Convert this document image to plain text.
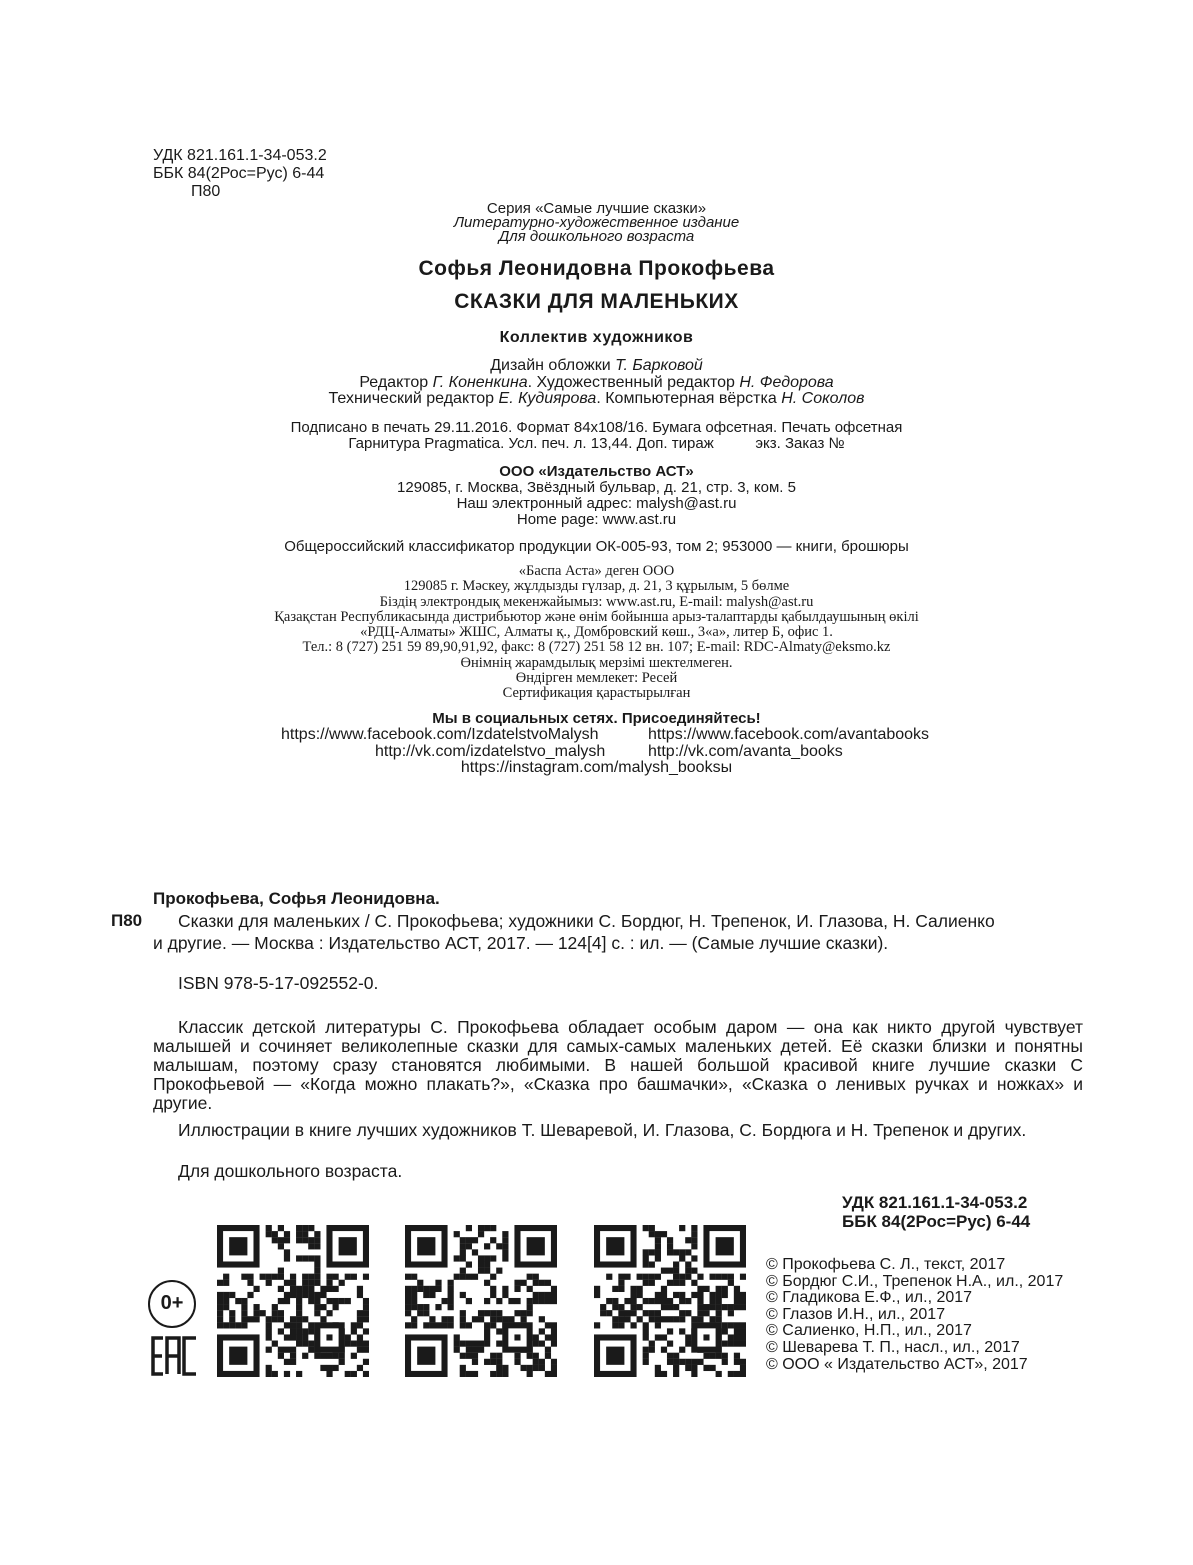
УДК 821.161.1-34-053.2
ББК 84(2Рос=Рус) 6-44
П80
Серия «Самые лучшие сказки»
Литературно-художественное издание
Для дошкольного возраста
Софья Леонидовна Прокофьева
СКАЗКИ ДЛЯ МАЛЕНЬКИХ
Коллектив художников
Дизайн обложки Т. Барковой
Редактор Г. Коненкина. Художественный редактор Н. Федорова
Технический редактор Е. Кудиярова. Компьютерная вёрстка Н. Соколов
Подписано в печать 29.11.2016. Формат 84x108/16. Бумага офсетная. Печать офсетная
Гарнитура Pragmatica. Усл. печ. л. 13,44. Доп. тираж          экз. Заказ №
ООО «Издательство АСТ»
129085, г. Москва, Звёздный бульвар, д. 21, стр. 3, ком. 5
Наш электронный адрес: malysh@ast.ru
Home page: www.ast.ru
Общероссийский классификатор продукции ОК-005-93, том 2; 953000 — книги, брошюры
«Баспа Аста» деген ООО
129085 г. Мәскеу, жұлдызды гүлзар, д. 21, 3 құрылым, 5 бөлме
Біздің электрондық мекенжайымыз: www.ast.ru, E-mail: malysh@ast.ru
Қазақстан Республикасында дистрибьютор және өнім бойынша арыз-талаптарды қабылдаушының өкілі
«РДЦ-Алматы» ЖШС, Алматы қ., Домбровский көш., 3«а», литер Б, офис 1.
Тел.: 8 (727) 251 59 89,90,91,92, факс: 8 (727) 251 58 12 вн. 107; E-mail: RDC-Almaty@eksmo.kz
Өнімнің жарамдылық мерзімі шектелмеген.
Өндірген мемлекет: Ресей
Сертификация қарастырылған
Мы в социальных сетях. Присоединяйтесь!
https://www.facebook.com/IzdatelstvoMalysh	https://www.facebook.com/avantabooks
http://vk.com/izdatelstvo_malysh	http://vk.com/avanta_books
https://instagram.com/malysh_booksы
Прокофьева, Софья Леонидовна.
П80 Сказки для маленьких / С. Прокофьева; художники С. Бордюг, Н. Трепенок, И. Глазова, Н. Салиенко
и другие. — Москва : Издательство АСТ, 2017. — 124[4] с. : ил. — (Самые лучшие сказки).
ISBN 978-5-17-092552-0.
Классик детской литературы С. Прокофьева обладает особым даром — она как никто другой чувствует малышей и сочиняет великолепные сказки для самых-самых маленьких детей. Её сказки близки и понятны малышам, поэтому сразу становятся любимыми. В нашей большой красивой книге лучшие сказки С Прокофьевой — «Когда можно плакать?», «Сказка про башмачки», «Сказка о ленивых ручках и ножках» и другие.
Иллюстрации в книге лучших художников Т. Шеваревой, И. Глазова, С. Бордюга и Н. Трепенок и других.
Для дошкольного возраста.
УДК 821.161.1-34-053.2
ББК 84(2Рос=Рус) 6-44
0+
EAC
© Прокофьева С. Л., текст, 2017
© Бордюг С.И., Трепенок Н.А., ил., 2017
© Гладикова Е.Ф., ил., 2017
© Глазов И.Н., ил., 2017
© Салиенко, Н.П., ил., 2017
© Шеварева Т. П., насл., ил., 2017
© ООО « Издательство АСТ», 2017
